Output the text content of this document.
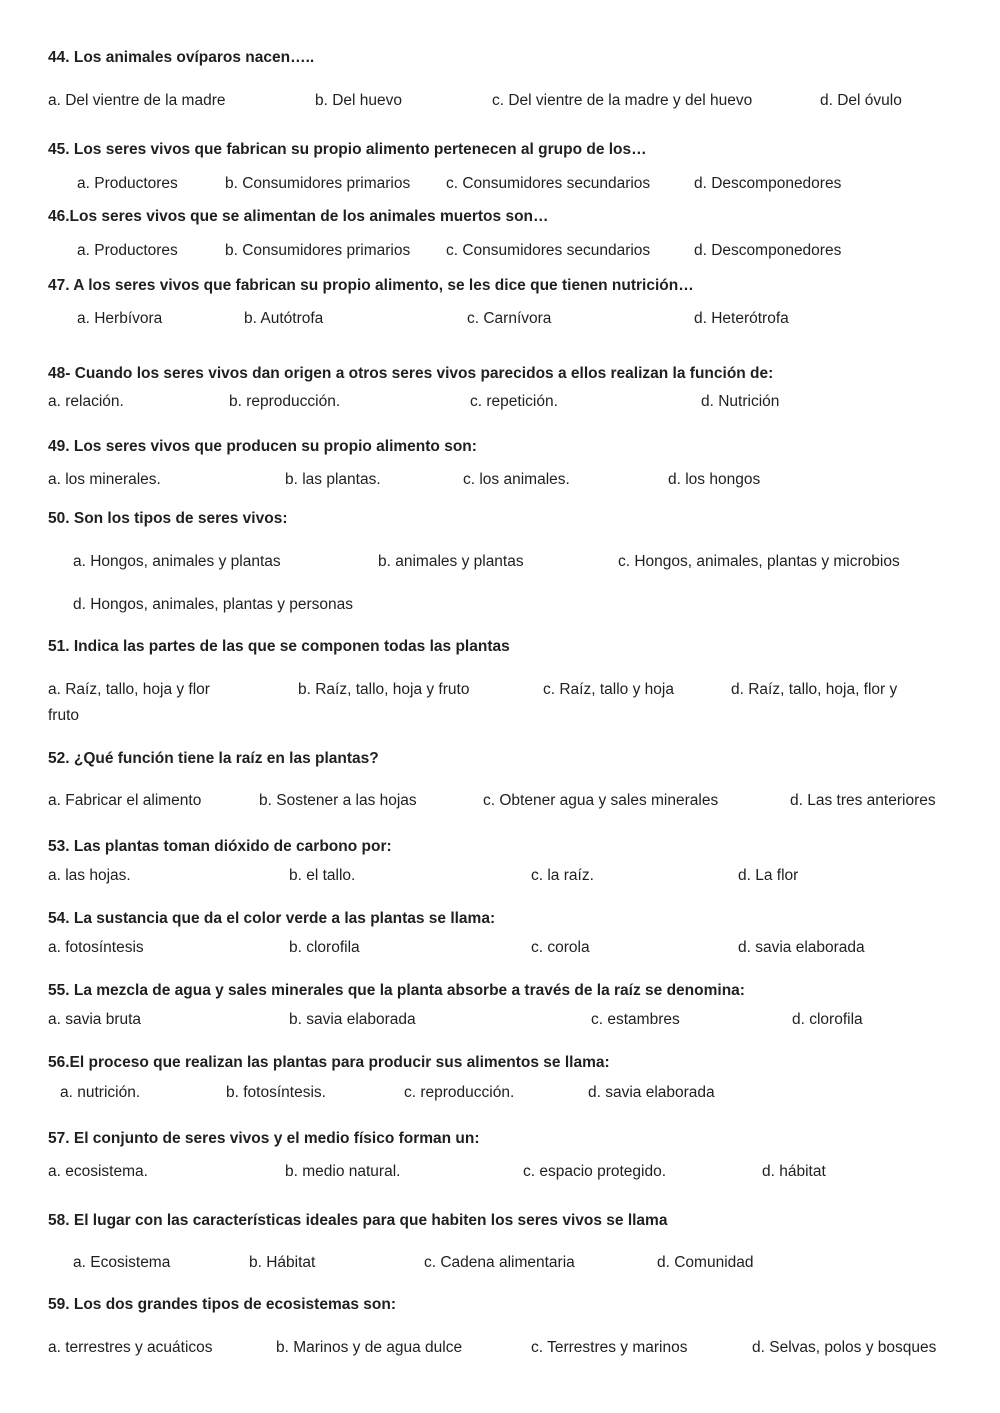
44. Los animales ovíparos nacen…..
a. Del vientre de la madre	b. Del huevo	c. Del vientre de la madre y del huevo	d. Del óvulo
45. Los seres vivos que fabrican su propio alimento pertenecen al grupo de los…
a. Productores	b. Consumidores primarios c. Consumidores secundarios	d. Descomponedores
46.Los seres vivos que se alimentan de los animales muertos son…
a. Productores	b. Consumidores primarios c. Consumidores secundarios	d. Descomponedores
47. A los seres vivos que fabrican su propio alimento, se les dice que tienen nutrición…
a. Herbívora	b. Autótrofa	c. Carnívora	d. Heterótrofa
48- Cuando los seres vivos dan origen a otros seres vivos parecidos a ellos realizan la función de:
a. relación.	b. reproducción.	c. repetición.	d. Nutrición
49. Los seres vivos que producen su propio alimento son:
a. los minerales.	b. las plantas.	c. los animales.	d. los hongos
50. Son los tipos de seres vivos:
a. Hongos, animales y plantas	b. animales y plantas	c. Hongos, animales, plantas y microbios
d. Hongos, animales, plantas y personas
51. Indica las partes de las que se componen todas las plantas
a. Raíz, tallo, hoja y flor	b. Raíz, tallo, hoja y fruto	c. Raíz, tallo y hoja	d. Raíz, tallo, hoja, flor y
fruto
52. ¿Qué función tiene la raíz en las plantas?
a. Fabricar el alimento	b. Sostener a las hojas	c. Obtener agua y sales minerales	d. Las tres anteriores
53. Las plantas toman dióxido de carbono por:
a. las hojas.	b. el tallo.	c. la raíz.	d. La flor
54. La sustancia que da el color verde a las plantas se llama:
a. fotosíntesis	b. clorofila	c. corola	d. savia elaborada
55. La mezcla de agua y sales minerales que la planta absorbe a través de la raíz se denomina:
a. savia bruta	b. savia elaborada	c. estambres	d. clorofila
56.El proceso que realizan las plantas para producir sus alimentos se llama:
a. nutrición.	b. fotosíntesis.	c. reproducción.	d. savia elaborada
57. El conjunto de seres vivos y el medio físico forman un:
a. ecosistema.	b. medio natural.	c. espacio protegido.	d. hábitat
58. El lugar con las características ideales para que habiten los seres vivos se llama
a. Ecosistema	b. Hábitat	c. Cadena alimentaria	d. Comunidad
59. Los dos grandes tipos de ecosistemas son:
a. terrestres y acuáticos	b. Marinos y de agua dulce	c. Terrestres y marinos	d. Selvas, polos y bosques
